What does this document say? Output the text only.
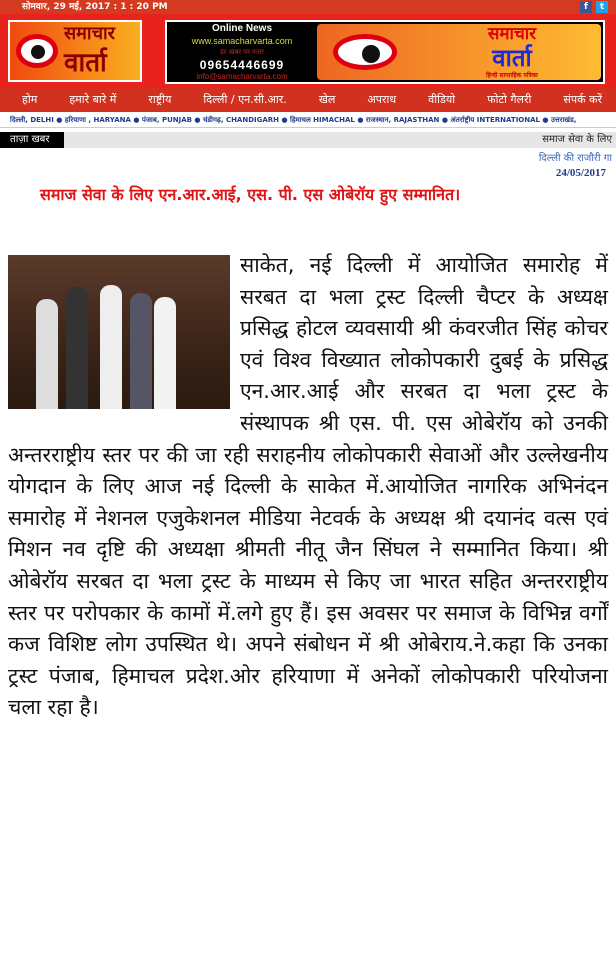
सोमवार, 29 मई, 2017 : 1 : 20 PM	f	t
समाचार
वार्ता
Online News
www.samacharvarta.com
हर खबर पर नजर
09654446699
info@samacharvarta.com
समाचार
वार्ता
हिन्दी साप्ताहिक पत्रिका
होम	हमारे बारे में	राष्ट्रीय	दिल्ली / एन.सी.आर.	खेल	अपराध	वीडियो	फोटो गैलरी	संपर्क करें
दिल्ली, DELHI ● हरियाणा , HARYANA ● पंजाब, PUNJAB ● चंडीगढ़, CHANDIGARH ● हिमाचल HIMACHAL ● राजस्थान, RAJASTHAN ● अंतर्राष्ट्रीय INTERNATIONAL ● उत्तराखंड,
ताज़ा खबर	समाज सेवा के लिए
दिल्ली की राजौरी गा
24/05/2017
समाज सेवा के लिए एन.आर.आई, एस. पी. एस ओबेरॉय हुए सम्मानित।
साकेत, नई दिल्ली में आयोजित समारोह में सरबत दा भला ट्रस्ट दिल्ली चैप्टर के अध्यक्ष प्रसिद्ध होटल व्यवसायी श्री कंवरजीत सिंह कोचर एवं विश्व विख्यात लोकोपकारी दुबई के प्रसिद्ध एन.आर.आई और सरबत दा भला ट्रस्ट के संस्थापक श्री एस. पी. एस ओबेरॉय को उनकी अन्तरराष्ट्रीय स्तर पर की जा रही सराहनीय लोकोपकारी सेवाओं और उल्लेखनीय योगदान के लिए आज नई दिल्ली के साकेत में.आयोजित नागरिक अभिनंदन समारोह में नेशनल एजुकेशनल मीडिया नेटवर्क के अध्यक्ष श्री दयानंद वत्स एवं मिशन नव दृष्टि की अध्यक्षा श्रीमती नीतू जैन सिंघल ने सम्मानित किया। श्री ओबेरॉय सरबत दा भला ट्रस्ट के माध्यम से किए जा भारत सहित अन्तरराष्ट्रीय स्तर पर परोपकार के कामों में.लगे हुए हैं। इस अवसर पर समाज के विभिन्न वर्गों कज विशिष्ट लोग उपस्थित थे। अपने संबोधन में श्री ओबेराय.ने.कहा कि उनका ट्रस्ट पंजाब, हिमाचल प्रदेश.ओर हरियाणा में अनेकों लोकोपकारी परियोजना चला रहा है।
